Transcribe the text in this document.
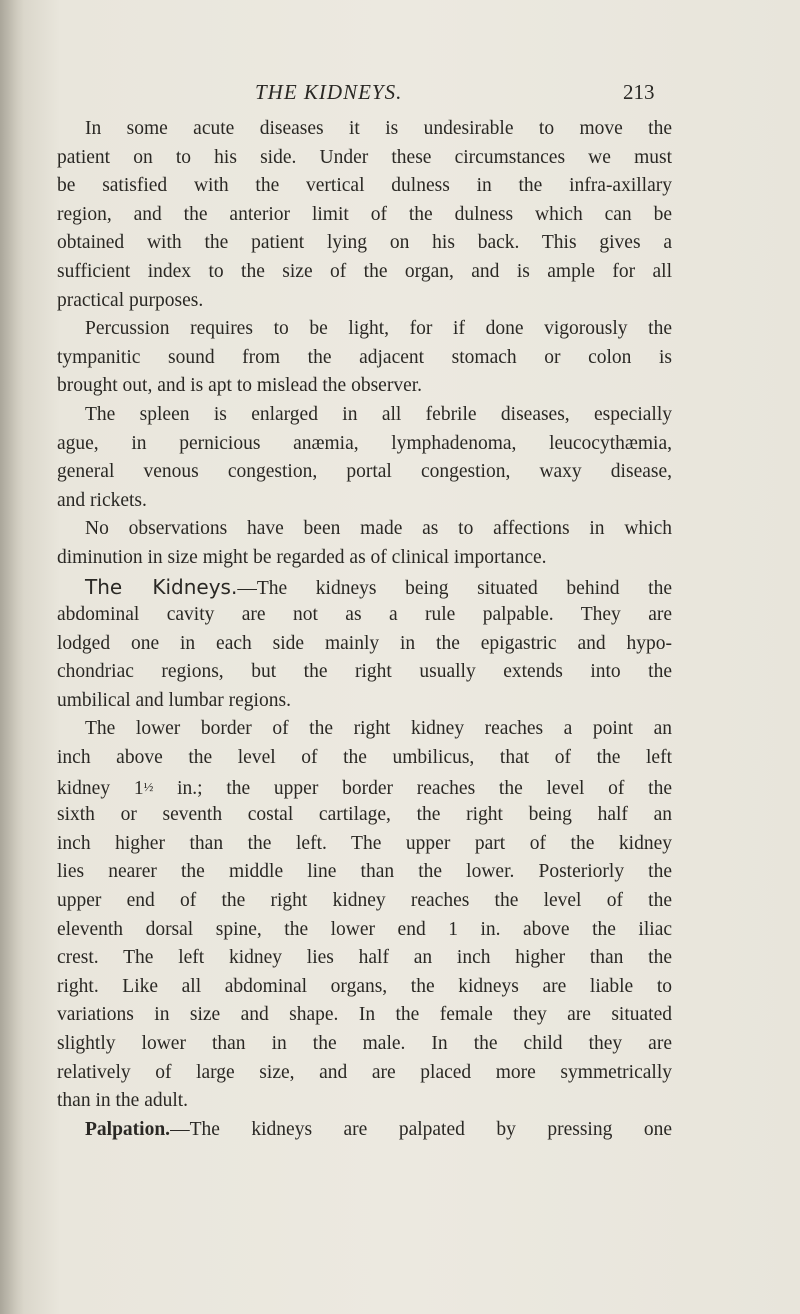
THE KIDNEYS.	213
In some acute diseases it is undesirable to move the
patient on to his side. Under these circumstances we must
be satisfied with the vertical dulness in the infra-axillary
region, and the anterior limit of the dulness which can be
obtained with the patient lying on his back. This gives a
sufficient index to the size of the organ, and is ample for all
practical purposes.
Percussion requires to be light, for if done vigorously the
tympanitic sound from the adjacent stomach or colon is
brought out, and is apt to mislead the observer.
The spleen is enlarged in all febrile diseases, especially
ague, in pernicious anæmia, lymphadenoma, leucocythæmia,
general venous congestion, portal congestion, waxy disease,
and rickets.
No observations have been made as to affections in which
diminution in size might be regarded as of clinical importance.
The Kidneys.—The kidneys being situated behind the
abdominal cavity are not as a rule palpable. They are
lodged one in each side mainly in the epigastric and hypo-
chondriac regions, but the right usually extends into the
umbilical and lumbar regions.
The lower border of the right kidney reaches a point an
inch above the level of the umbilicus, that of the left
kidney 1½ in.; the upper border reaches the level of the
sixth or seventh costal cartilage, the right being half an
inch higher than the left. The upper part of the kidney
lies nearer the middle line than the lower. Posteriorly the
upper end of the right kidney reaches the level of the
eleventh dorsal spine, the lower end 1 in. above the iliac
crest. The left kidney lies half an inch higher than the
right. Like all abdominal organs, the kidneys are liable to
variations in size and shape. In the female they are situated
slightly lower than in the male. In the child they are
relatively of large size, and are placed more symmetrically
than in the adult.
Palpation.—The kidneys are palpated by pressing one
